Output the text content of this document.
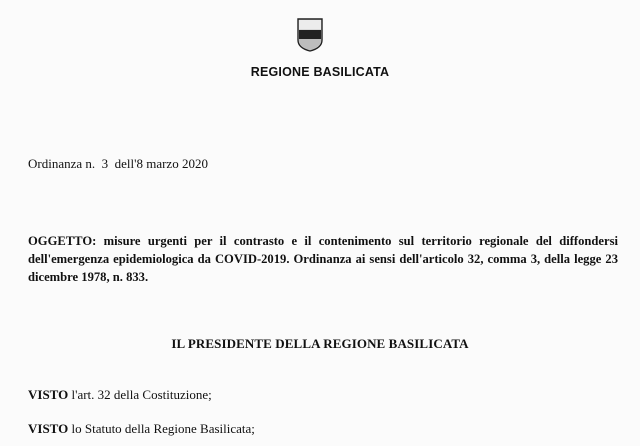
REGIONE BASILICATA
Ordinanza n.  3  dell'8 marzo 2020
OGGETTO: misure urgenti per il contrasto e il contenimento sul territorio regionale del diffondersi dell'emergenza epidemiologica da COVID-2019. Ordinanza ai sensi dell'articolo 32, comma 3, della legge 23 dicembre 1978, n. 833.
IL PRESIDENTE DELLA REGIONE BASILICATA
VISTO l'art. 32 della Costituzione;
VISTO lo Statuto della Regione Basilicata;
